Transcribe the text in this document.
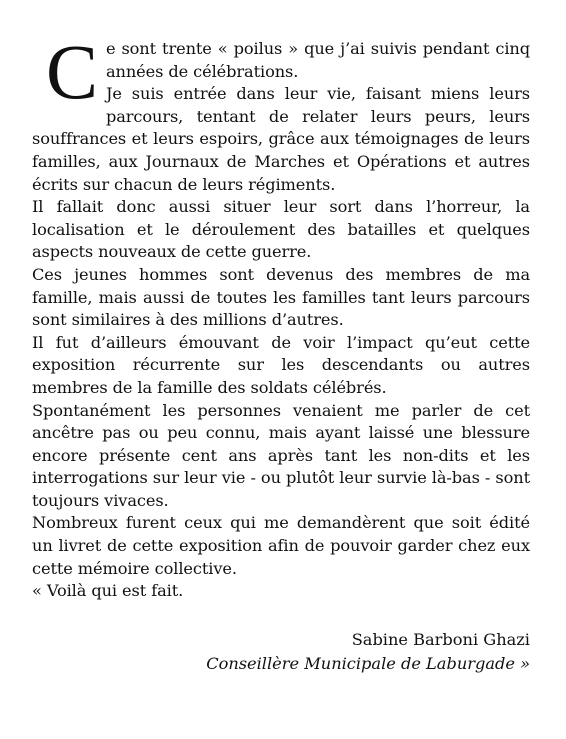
C e sont trente « poilus » que j’ai suivis pendant cinq années de célébrations.

Je suis entrée dans leur vie, faisant miens leurs parcours, tentant de relater leurs peurs, leurs souffrances et leurs espoirs, grâce aux témoignages de leurs familles, aux Journaux de Marches et Opérations et autres écrits sur chacun de leurs régiments.

Il fallait donc aussi situer leur sort dans l’horreur, la localisation et le déroulement des batailles et quelques aspects nouveaux de cette guerre.

Ces jeunes hommes sont devenus des membres de ma famille, mais aussi de toutes les familles tant leurs parcours sont similaires à des millions d’autres.

Il fut d’ailleurs émouvant de voir l’impact qu’eut cette exposition récurrente sur les descendants ou autres membres de la famille des soldats célébrés.

Spontanément les personnes venaient me parler de cet ancêtre pas ou peu connu, mais ayant laissé une blessure encore présente cent ans après tant les non-dits et les interrogations sur leur vie - ou plutôt leur survie là-bas - sont toujours vivaces.

Nombreux furent ceux qui me demandèrent que soit édité un livret de cette exposition afin de pouvoir garder chez eux cette mémoire collective.

« Voilà qui est fait.

Sabine Barboni Ghazi
Conseillère Municipale de Laburgade »
